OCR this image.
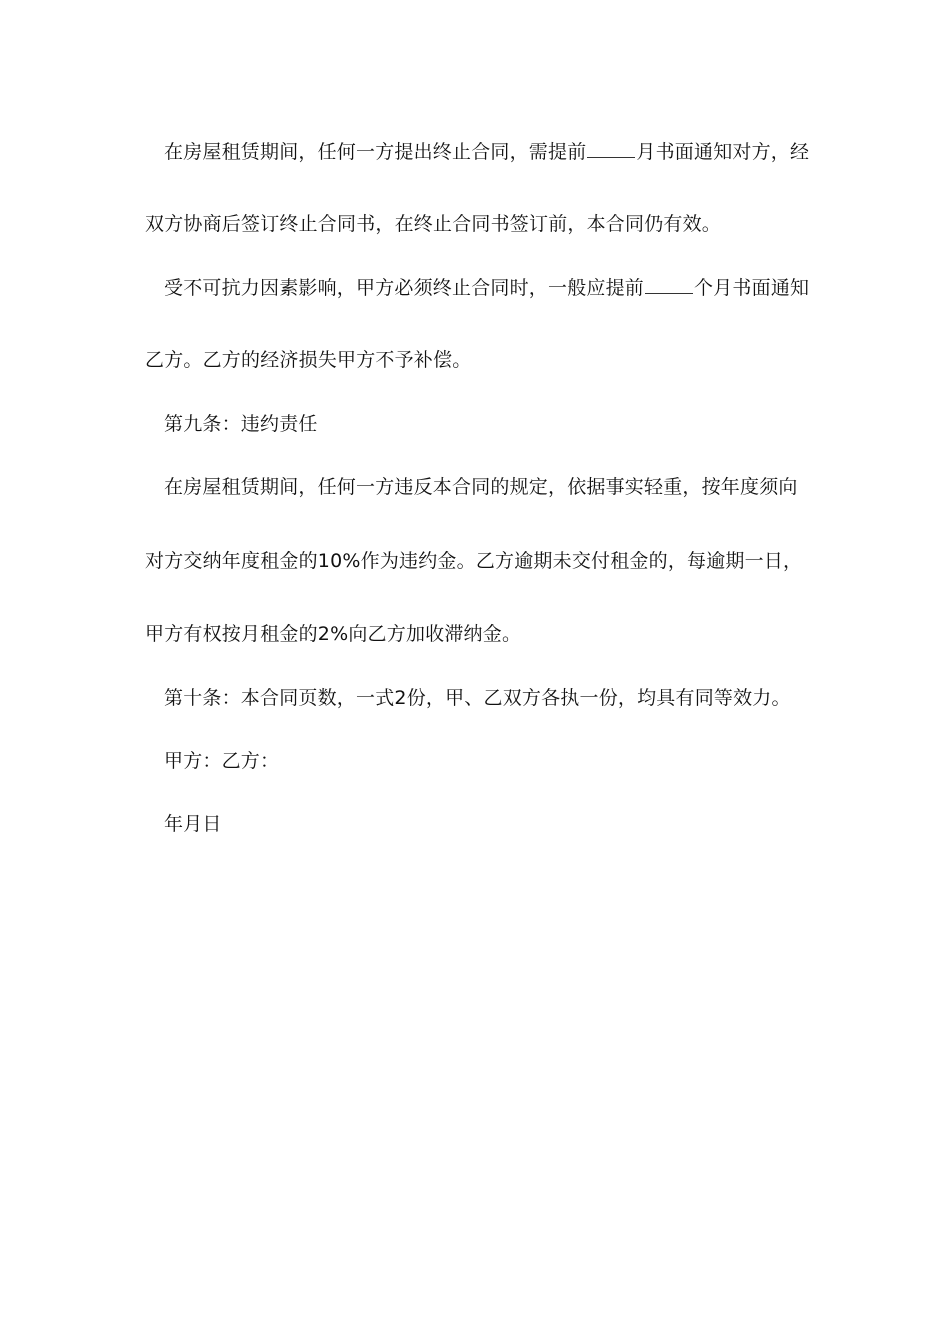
在房屋租赁期间，任何一方提出终止合同，需提前	月书面通知对方，经
双方协商后签订终止合同书，在终止合同书签订前，本合同仍有效。
受不可抗力因素影响，甲方必须终止合同时，一般应提前	个月书面通知
乙方。乙方的经济损失甲方不予补偿。
第九条：违约责任
在房屋租赁期间，任何一方违反本合同的规定，依据事实轻重，按年度须向
对方交纳年度租金的10%作为违约金。乙方逾期未交付租金的，每逾期一日，
甲方有权按月租金的2%向乙方加收滞纳金。
第十条：本合同页数，一式2份，甲、乙双方各执一份，均具有同等效力。
甲方：乙方：
年月日
